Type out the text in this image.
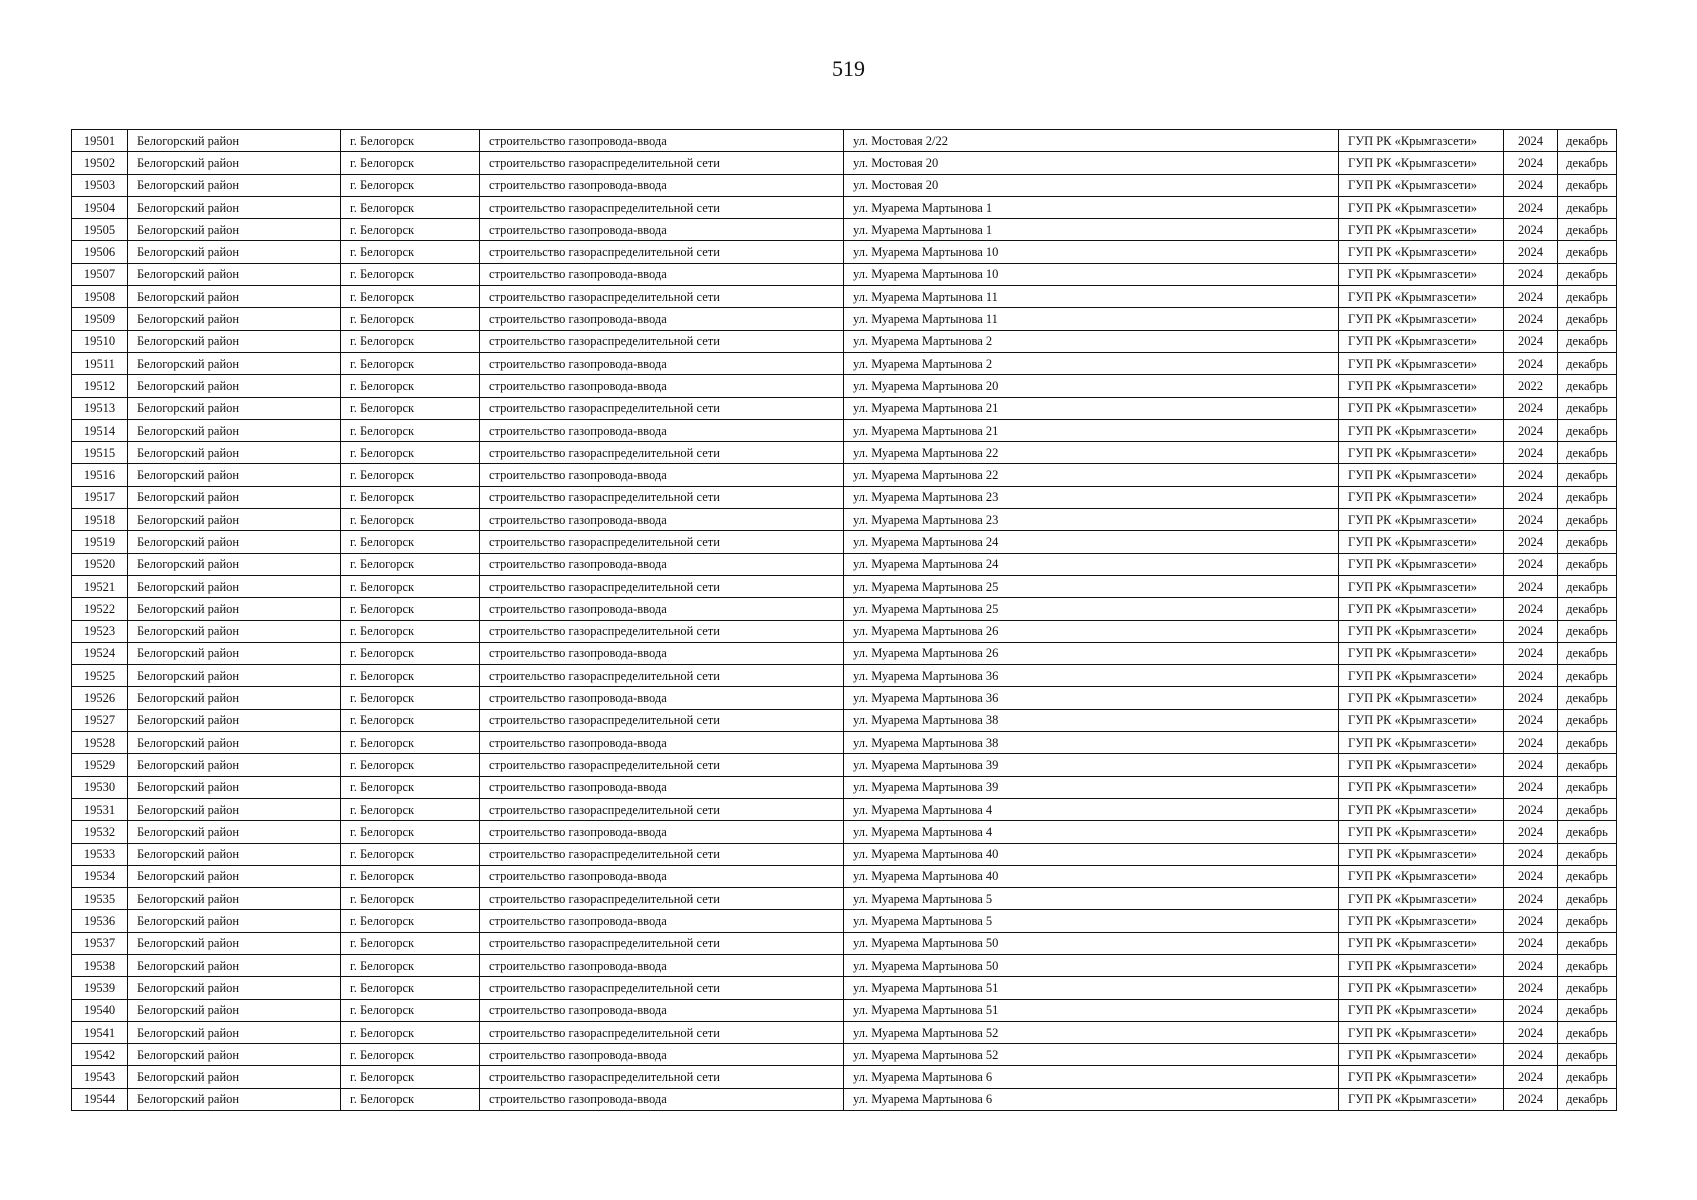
519
19501	Белогорский район	г. Белогорск	строительство газопровода-ввода	ул. Мостовая 2/22	ГУП РК «Крымгазсети»	2024	декабрь
19502	Белогорский район	г. Белогорск	строительство газораспределительной сети	ул. Мостовая 20	ГУП РК «Крымгазсети»	2024	декабрь
19503	Белогорский район	г. Белогорск	строительство газопровода-ввода	ул. Мостовая 20	ГУП РК «Крымгазсети»	2024	декабрь
19504	Белогорский район	г. Белогорск	строительство газораспределительной сети	ул. Муарема Мартынова 1	ГУП РК «Крымгазсети»	2024	декабрь
19505	Белогорский район	г. Белогорск	строительство газопровода-ввода	ул. Муарема Мартынова 1	ГУП РК «Крымгазсети»	2024	декабрь
19506	Белогорский район	г. Белогорск	строительство газораспределительной сети	ул. Муарема Мартынова 10	ГУП РК «Крымгазсети»	2024	декабрь
19507	Белогорский район	г. Белогорск	строительство газопровода-ввода	ул. Муарема Мартынова 10	ГУП РК «Крымгазсети»	2024	декабрь
19508	Белогорский район	г. Белогорск	строительство газораспределительной сети	ул. Муарема Мартынова 11	ГУП РК «Крымгазсети»	2024	декабрь
19509	Белогорский район	г. Белогорск	строительство газопровода-ввода	ул. Муарема Мартынова 11	ГУП РК «Крымгазсети»	2024	декабрь
19510	Белогорский район	г. Белогорск	строительство газораспределительной сети	ул. Муарема Мартынова 2	ГУП РК «Крымгазсети»	2024	декабрь
19511	Белогорский район	г. Белогорск	строительство газопровода-ввода	ул. Муарема Мартынова 2	ГУП РК «Крымгазсети»	2024	декабрь
19512	Белогорский район	г. Белогорск	строительство газопровода-ввода	ул. Муарема Мартынова 20	ГУП РК «Крымгазсети»	2022	декабрь
19513	Белогорский район	г. Белогорск	строительство газораспределительной сети	ул. Муарема Мартынова 21	ГУП РК «Крымгазсети»	2024	декабрь
19514	Белогорский район	г. Белогорск	строительство газопровода-ввода	ул. Муарема Мартынова 21	ГУП РК «Крымгазсети»	2024	декабрь
19515	Белогорский район	г. Белогорск	строительство газораспределительной сети	ул. Муарема Мартынова 22	ГУП РК «Крымгазсети»	2024	декабрь
19516	Белогорский район	г. Белогорск	строительство газопровода-ввода	ул. Муарема Мартынова 22	ГУП РК «Крымгазсети»	2024	декабрь
19517	Белогорский район	г. Белогорск	строительство газораспределительной сети	ул. Муарема Мартынова 23	ГУП РК «Крымгазсети»	2024	декабрь
19518	Белогорский район	г. Белогорск	строительство газопровода-ввода	ул. Муарема Мартынова 23	ГУП РК «Крымгазсети»	2024	декабрь
19519	Белогорский район	г. Белогорск	строительство газораспределительной сети	ул. Муарема Мартынова 24	ГУП РК «Крымгазсети»	2024	декабрь
19520	Белогорский район	г. Белогорск	строительство газопровода-ввода	ул. Муарема Мартынова 24	ГУП РК «Крымгазсети»	2024	декабрь
19521	Белогорский район	г. Белогорск	строительство газораспределительной сети	ул. Муарема Мартынова 25	ГУП РК «Крымгазсети»	2024	декабрь
19522	Белогорский район	г. Белогорск	строительство газопровода-ввода	ул. Муарема Мартынова 25	ГУП РК «Крымгазсети»	2024	декабрь
19523	Белогорский район	г. Белогорск	строительство газораспределительной сети	ул. Муарема Мартынова 26	ГУП РК «Крымгазсети»	2024	декабрь
19524	Белогорский район	г. Белогорск	строительство газопровода-ввода	ул. Муарема Мартынова 26	ГУП РК «Крымгазсети»	2024	декабрь
19525	Белогорский район	г. Белогорск	строительство газораспределительной сети	ул. Муарема Мартынова 36	ГУП РК «Крымгазсети»	2024	декабрь
19526	Белогорский район	г. Белогорск	строительство газопровода-ввода	ул. Муарема Мартынова 36	ГУП РК «Крымгазсети»	2024	декабрь
19527	Белогорский район	г. Белогорск	строительство газораспределительной сети	ул. Муарема Мартынова 38	ГУП РК «Крымгазсети»	2024	декабрь
19528	Белогорский район	г. Белогорск	строительство газопровода-ввода	ул. Муарема Мартынова 38	ГУП РК «Крымгазсети»	2024	декабрь
19529	Белогорский район	г. Белогорск	строительство газораспределительной сети	ул. Муарема Мартынова 39	ГУП РК «Крымгазсети»	2024	декабрь
19530	Белогорский район	г. Белогорск	строительство газопровода-ввода	ул. Муарема Мартынова 39	ГУП РК «Крымгазсети»	2024	декабрь
19531	Белогорский район	г. Белогорск	строительство газораспределительной сети	ул. Муарема Мартынова 4	ГУП РК «Крымгазсети»	2024	декабрь
19532	Белогорский район	г. Белогорск	строительство газопровода-ввода	ул. Муарема Мартынова 4	ГУП РК «Крымгазсети»	2024	декабрь
19533	Белогорский район	г. Белогорск	строительство газораспределительной сети	ул. Муарема Мартынова 40	ГУП РК «Крымгазсети»	2024	декабрь
19534	Белогорский район	г. Белогорск	строительство газопровода-ввода	ул. Муарема Мартынова 40	ГУП РК «Крымгазсети»	2024	декабрь
19535	Белогорский район	г. Белогорск	строительство газораспределительной сети	ул. Муарема Мартынова 5	ГУП РК «Крымгазсети»	2024	декабрь
19536	Белогорский район	г. Белогорск	строительство газопровода-ввода	ул. Муарема Мартынова 5	ГУП РК «Крымгазсети»	2024	декабрь
19537	Белогорский район	г. Белогорск	строительство газораспределительной сети	ул. Муарема Мартынова 50	ГУП РК «Крымгазсети»	2024	декабрь
19538	Белогорский район	г. Белогорск	строительство газопровода-ввода	ул. Муарема Мартынова 50	ГУП РК «Крымгазсети»	2024	декабрь
19539	Белогорский район	г. Белогорск	строительство газораспределительной сети	ул. Муарема Мартынова 51	ГУП РК «Крымгазсети»	2024	декабрь
19540	Белогорский район	г. Белогорск	строительство газопровода-ввода	ул. Муарема Мартынова 51	ГУП РК «Крымгазсети»	2024	декабрь
19541	Белогорский район	г. Белогорск	строительство газораспределительной сети	ул. Муарема Мартынова 52	ГУП РК «Крымгазсети»	2024	декабрь
19542	Белогорский район	г. Белогорск	строительство газопровода-ввода	ул. Муарема Мартынова 52	ГУП РК «Крымгазсети»	2024	декабрь
19543	Белогорский район	г. Белогорск	строительство газораспределительной сети	ул. Муарема Мартынова 6	ГУП РК «Крымгазсети»	2024	декабрь
19544	Белогорский район	г. Белогорск	строительство газопровода-ввода	ул. Муарема Мартынова 6	ГУП РК «Крымгазсети»	2024	декабрь
